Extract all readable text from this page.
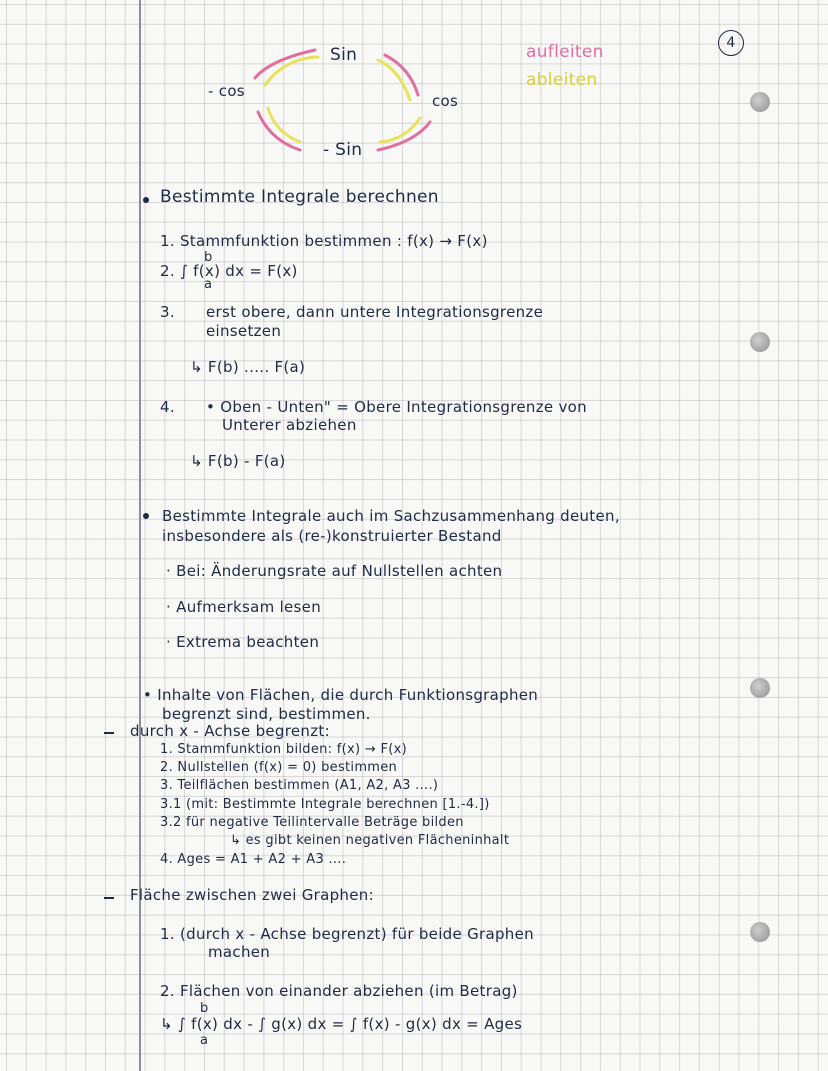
4
Sin
- cos
cos
- Sin
aufleiten
ableiten
Bestimmte Integrale berechnen
1. Stammfunktion bestimmen : f(x) → F(x)
2. ∫ f(x) dx = F(x)
b
a
3. erst obere, dann untere Integrationsgrenze
einsetzen
↳ F(b) ..... F(a)
4. • Oben - Unten" = Obere Integrationsgrenze von
Unterer abziehen
↳ F(b) - F(a)
Bestimmte Integrale auch im Sachzusammenhang deuten,
insbesondere als (re-)konstruierter Bestand
· Bei: Änderungsrate auf Nullstellen achten
· Aufmerksam lesen
· Extrema beachten
• Inhalte von Flächen, die durch Funktionsgraphen
begrenzt sind, bestimmen.
durch x - Achse begrenzt:
1. Stammfunktion bilden: f(x) → F(x)
2. Nullstellen (f(x) = 0) bestimmen
3. Teilflächen bestimmen (A1, A2, A3 ....)
3.1 (mit: Bestimmte Integrale berechnen [1.-4.])
3.2 für negative Teilintervalle Beträge bilden
↳ es gibt keinen negativen Flächeninhalt
4. Ages = A1 + A2 + A3 ....
Fläche zwischen zwei Graphen:
1. (durch x - Achse begrenzt) für beide Graphen
machen
2. Flächen von einander abziehen (im Betrag)
↳ ∫ f(x) dx - ∫ g(x) dx = ∫ f(x) - g(x) dx = Ages
b
a
